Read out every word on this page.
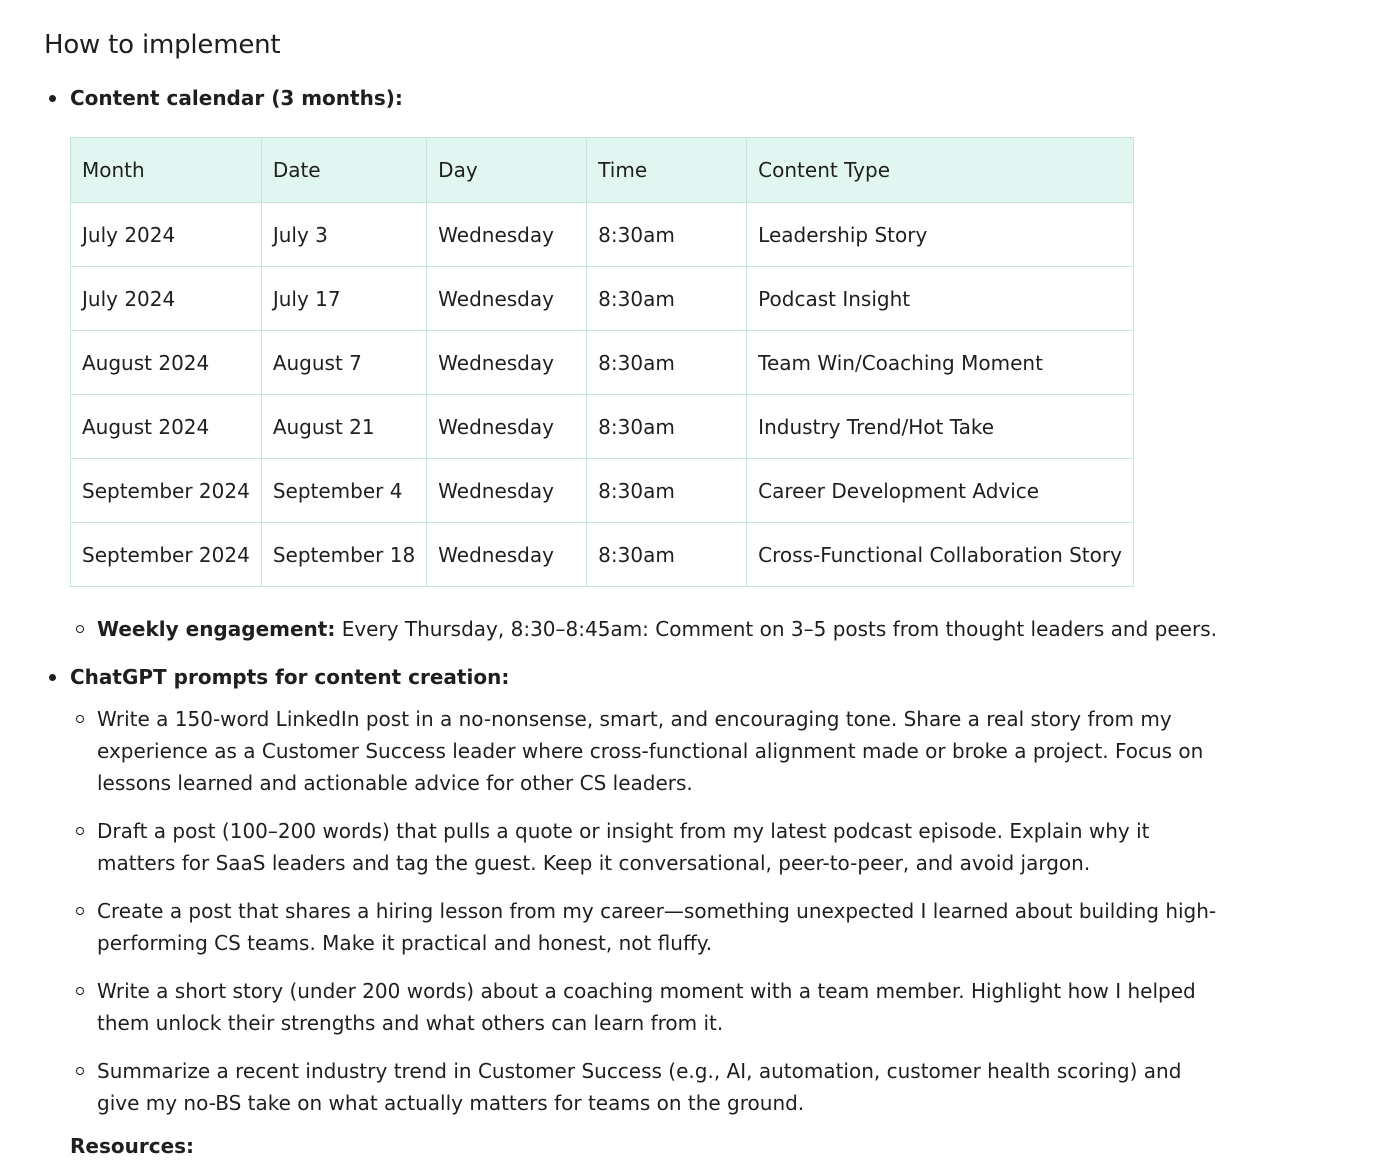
How to implement
Content calendar (3 months):
Month	Date	Day	Time	Content Type
July 2024	July 3	Wednesday	8:30am	Leadership Story
July 2024	July 17	Wednesday	8:30am	Podcast Insight
August 2024	August 7	Wednesday	8:30am	Team Win/Coaching Moment
August 2024	August 21	Wednesday	8:30am	Industry Trend/Hot Take
September 2024	September 4	Wednesday	8:30am	Career Development Advice
September 2024	September 18	Wednesday	8:30am	Cross-Functional Collaboration Story
Weekly engagement: Every Thursday, 8:30–8:45am: Comment on 3–5 posts from thought leaders and peers.
ChatGPT prompts for content creation:
Write a 150-word LinkedIn post in a no-nonsense, smart, and encouraging tone. Share a real story from my experience as a Customer Success leader where cross-functional alignment made or broke a project. Focus on lessons learned and actionable advice for other CS leaders.
Draft a post (100–200 words) that pulls a quote or insight from my latest podcast episode. Explain why it matters for SaaS leaders and tag the guest. Keep it conversational, peer-to-peer, and avoid jargon.
Create a post that shares a hiring lesson from my career—something unexpected I learned about building high-performing CS teams. Make it practical and honest, not fluffy.
Write a short story (under 200 words) about a coaching moment with a team member. Highlight how I helped them unlock their strengths and what others can learn from it.
Summarize a recent industry trend in Customer Success (e.g., AI, automation, customer health scoring) and give my no-BS take on what actually matters for teams on the ground.
Resources:
